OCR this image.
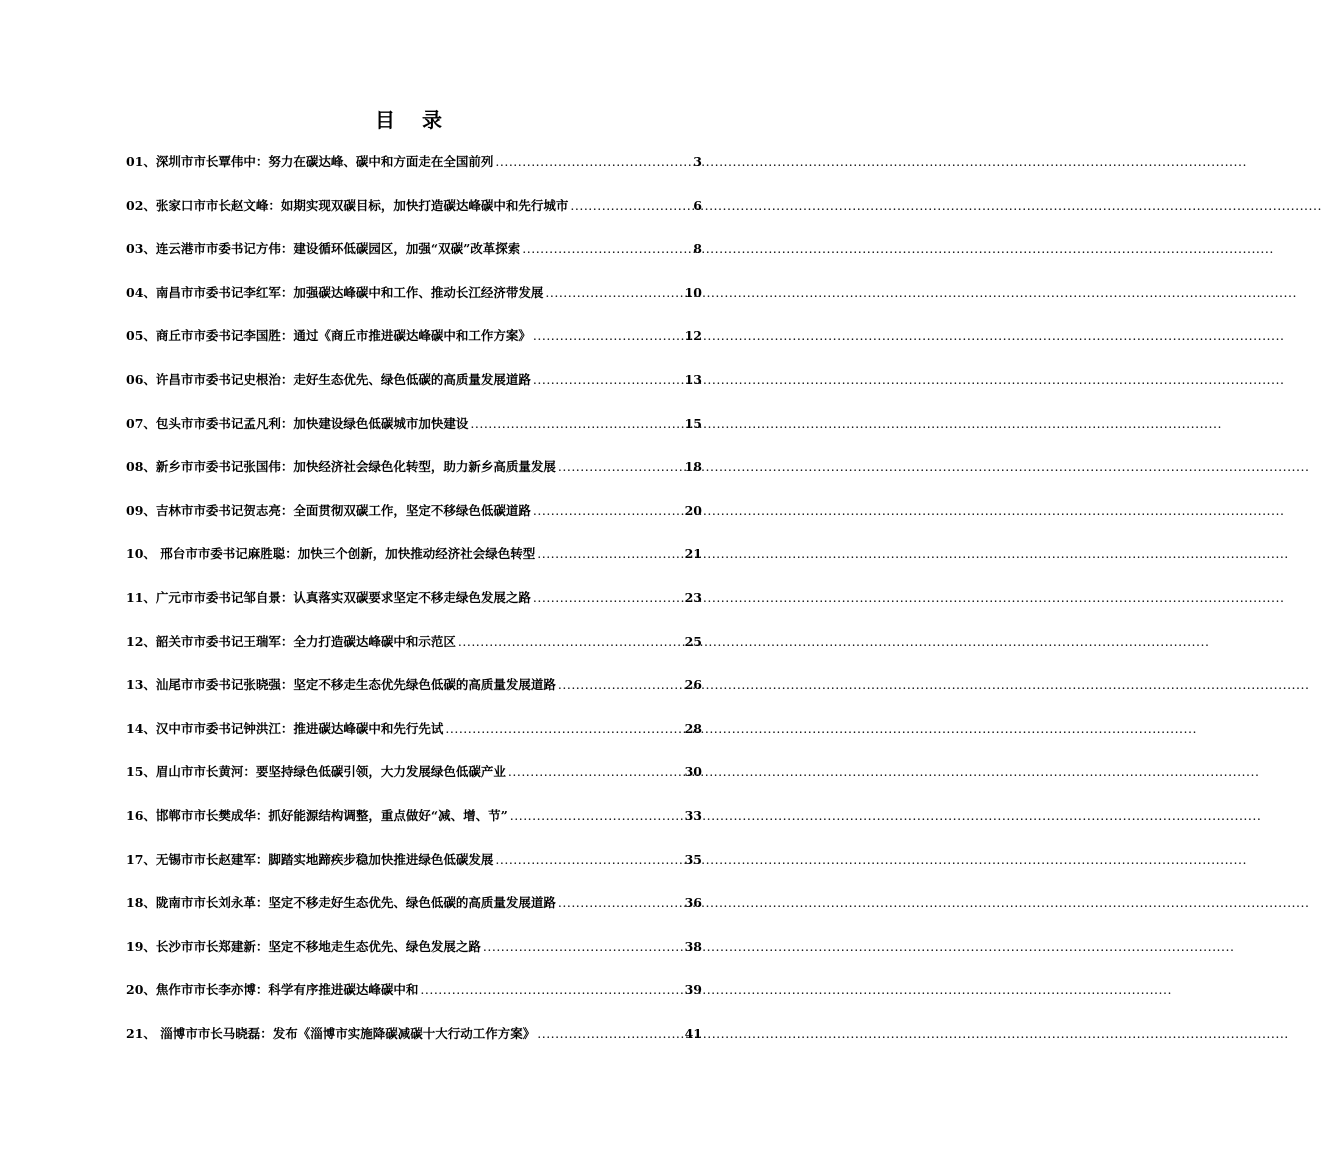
目 录
01、深圳市市长覃伟中：努力在碳达峰、碳中和方面走在全国前列 .....	3
02、张家口市市长赵文峰：如期实现双碳目标，加快打造碳达峰碳中和先行城市 .....	6
03、连云港市市委书记方伟：建设循环低碳园区，加强“双碳”改革探索 .....	8
04、南昌市市委书记李红军：加强碳达峰碳中和工作、推动长江经济带发展 .....	10
05、商丘市市委书记李国胜：通过《商丘市推进碳达峰碳中和工作方案》 .....	12
06、许昌市市委书记史根治：走好生态优先、绿色低碳的高质量发展道路 .....	13
07、包头市市委书记孟凡利：加快建设绿色低碳城市加快建设 .....	15
08、新乡市市委书记张国伟：加快经济社会绿色化转型，助力新乡高质量发展 .....	18
09、吉林市市委书记贺志亮：全面贯彻双碳工作，坚定不移绿色低碳道路 .....	20
10、 邢台市市委书记麻胜聪：加快三个创新，加快推动经济社会绿色转型 .....	21
11、广元市市委书记邹自景：认真落实双碳要求坚定不移走绿色发展之路 .....	23
12、韶关市市委书记王瑞军：全力打造碳达峰碳中和示范区 .....	25
13、汕尾市市委书记张晓强：坚定不移走生态优先绿色低碳的高质量发展道路 .....	26
14、汉中市市委书记钟洪江：推进碳达峰碳中和先行先试 .....	28
15、眉山市市长黄河：要坚持绿色低碳引领，大力发展绿色低碳产业 .....	30
16、邯郸市市长樊成华：抓好能源结构调整，重点做好“减、增、节” .....	33
17、无锡市市长赵建军：脚踏实地蹄疾步稳加快推进绿色低碳发展 .....	35
18、陇南市市长刘永革：坚定不移走好生态优先、绿色低碳的高质量发展道路 .....	36
19、长沙市市长郑建新：坚定不移地走生态优先、绿色发展之路 .....	38
20、焦作市市长李亦博：科学有序推进碳达峰碳中和 .....	39
21、 淄博市市长马晓磊：发布《淄博市实施降碳减碳十大行动工作方案》 .....	41
